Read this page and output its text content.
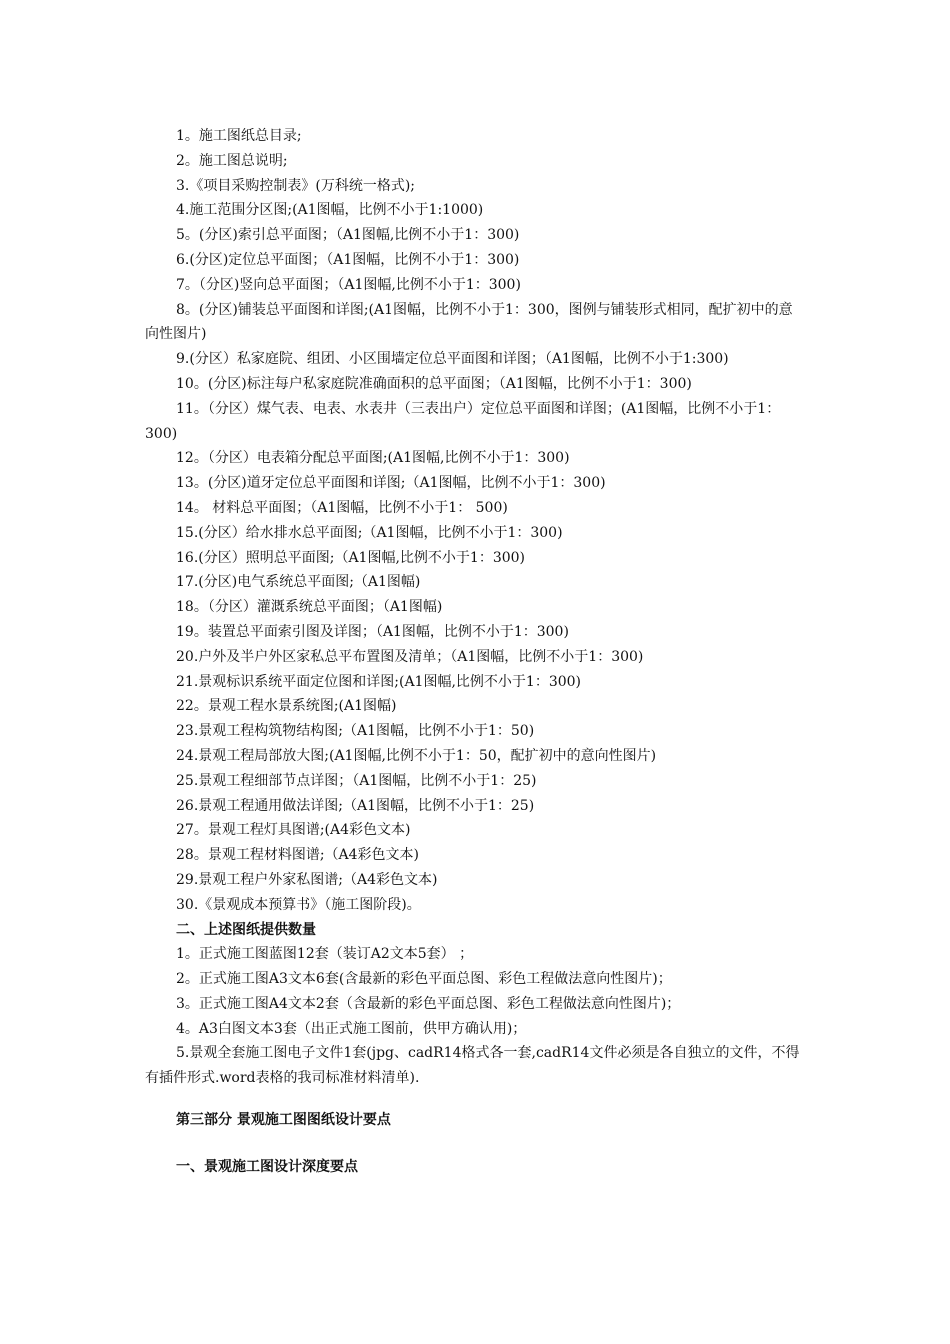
1。施工图纸总目录;
2。施工图总说明;
3.《项目采购控制表》(万科统一格式);
4.施工范围分区图;(A1图幅，比例不小于1:1000)
5。(分区)索引总平面图；（A1图幅,比例不小于1：300)
6.(分区)定位总平面图；（A1图幅，比例不小于1：300)
7。（分区)竖向总平面图；（A1图幅,比例不小于1：300)
8。(分区)铺装总平面图和详图;(A1图幅，比例不小于1：300，图例与铺装形式相同，配扩初中的意向性图片)
9.(分区）私家庭院、组团、小区围墙定位总平面图和详图；（A1图幅，比例不小于1:300)
10。(分区)标注每户私家庭院准确面积的总平面图；（A1图幅，比例不小于1：300)
11。（分区）煤气表、电表、水表井（三表出户）定位总平面图和详图；(A1图幅，比例不小于1：300)
12。（分区）电表箱分配总平面图;(A1图幅,比例不小于1：300)
13。(分区)道牙定位总平面图和详图;（A1图幅，比例不小于1：300)
14。 材料总平面图；（A1图幅，比例不小于1： 500)
15.(分区）给水排水总平面图;（A1图幅，比例不小于1：300)
16.(分区）照明总平面图;（A1图幅,比例不小于1：300)
17.(分区)电气系统总平面图;（A1图幅)
18。（分区）灌溉系统总平面图；（A1图幅)
19。装置总平面索引图及详图；（A1图幅，比例不小于1：300)
20.户外及半户外区家私总平布置图及清单；（A1图幅，比例不小于1：300)
21.景观标识系统平面定位图和详图;(A1图幅,比例不小于1：300)
22。景观工程水景系统图;(A1图幅)
23.景观工程构筑物结构图;（A1图幅，比例不小于1：50)
24.景观工程局部放大图;(A1图幅,比例不小于1：50，配扩初中的意向性图片)
25.景观工程细部节点详图；（A1图幅，比例不小于1：25)
26.景观工程通用做法详图;（A1图幅，比例不小于1：25)
27。景观工程灯具图谱;(A4彩色文本)
28。景观工程材料图谱;（A4彩色文本)
29.景观工程户外家私图谱;（A4彩色文本)
30.《景观成本预算书》（施工图阶段)。
二、上述图纸提供数量
1。正式施工图蓝图12套（装订A2文本5套） ；
2。正式施工图A3文本6套(含最新的彩色平面总图、彩色工程做法意向性图片)；
3。正式施工图A4文本2套（含最新的彩色平面总图、彩色工程做法意向性图片)；
4。A3白图文本3套（出正式施工图前，供甲方确认用)；
5.景观全套施工图电子文件1套(jpg、cadR14格式各一套,cadR14文件必须是各自独立的文件，不得有插件形式.word表格的我司标准材料清单).
第三部分 景观施工图图纸设计要点
一、景观施工图设计深度要点
